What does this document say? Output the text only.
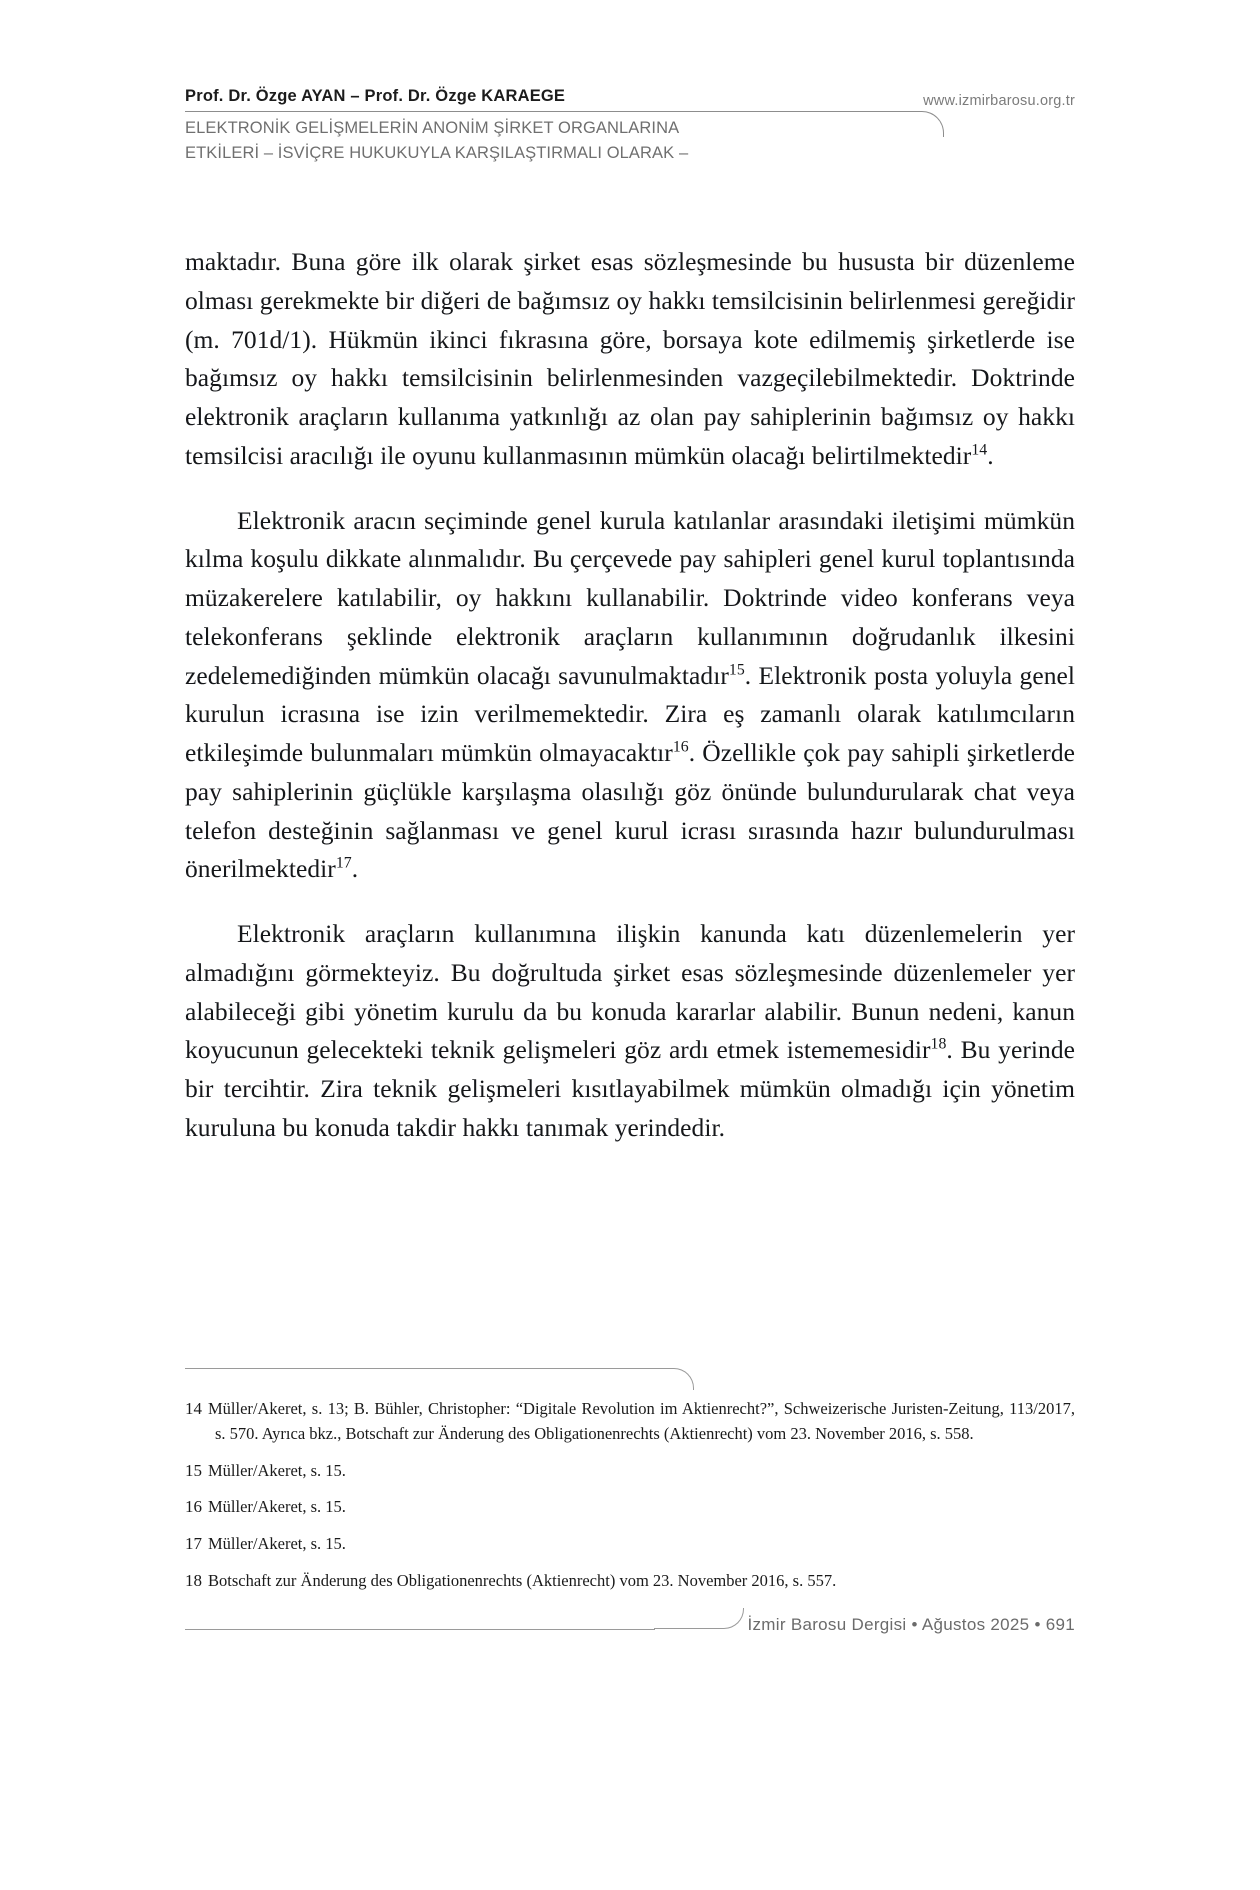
Prof. Dr. Özge AYAN – Prof. Dr. Özge KARAEGE
ELEKTRONİK GELİŞMELERİN ANONİM ŞİRKET ORGANLARINA
ETKİLERİ – İSVİÇRE HUKUKUYLA KARŞILAŞTIRMALI OLARAK –
www.izmirbarosu.org.tr

maktadır. Buna göre ilk olarak şirket esas sözleşmesinde bu hususta bir düzenleme olması gerekmekte bir diğeri de bağımsız oy hakkı temsilcisinin belirlenmesi gereğidir (m. 701d/1). Hükmün ikinci fıkrasına göre, borsaya kote edilmemiş şirketlerde ise bağımsız oy hakkı temsilcisinin belirlenmesinden vazgeçilebilmektedir. Doktrinde elektronik araçların kullanıma yatkınlığı az olan pay sahiplerinin bağımsız oy hakkı temsilcisi aracılığı ile oyunu kullanmasının mümkün olacağı belirtilmektedir$^{14}$.

Elektronik aracın seçiminde genel kurula katılanlar arasındaki iletişimi mümkün kılma koşulu dikkate alınmalıdır. Bu çerçevede pay sahipleri genel kurul toplantısında müzakerelere katılabilir, oy hakkını kullanabilir. Doktrinde video konferans veya telekonferans şeklinde elektronik araçların kullanımının doğrudanlık ilkesini zedelemediğinden mümkün olacağı savunulmaktadır$^{15}$. Elektronik posta yoluyla genel kurulun icrasına ise izin verilmemektedir. Zira eş zamanlı olarak katılımcıların etkileşimde bulunmaları mümkün olmayacaktır$^{16}$. Özellikle çok pay sahipli şirketlerde pay sahiplerinin güçlükle karşılaşma olasılığı göz önünde bulundurularak chat veya telefon desteğinin sağlanması ve genel kurul icrası sırasında hazır bulundurulması önerilmektedir$^{17}$.

Elektronik araçların kullanımına ilişkin kanunda katı düzenlemelerin yer almadığını görmekteyiz. Bu doğrultuda şirket esas sözleşmesinde düzenlemeler yer alabileceği gibi yönetim kurulu da bu konuda kararlar alabilir. Bunun nedeni, kanun koyucunun gelecekteki teknik gelişmeleri göz ardı etmek istememesidir$^{18}$. Bu yerinde bir tercihtir. Zira teknik gelişmeleri kısıtlayabilmek mümkün olmadığı için yönetim kuruluna bu konuda takdir hakkı tanımak yerindedir.

14 Müller/Akeret, s. 13; B. Bühler, Christopher: “Digitale Revolution im Aktienrecht?”, Schweizerische Juristen-Zeitung, 113/2017, s. 570. Ayrıca bkz., Botschaft zur Änderung des Obligationenrechts (Aktienrecht) vom 23. November 2016, s. 558.
15 Müller/Akeret, s. 15.
16 Müller/Akeret, s. 15.
17 Müller/Akeret, s. 15.
18 Botschaft zur Änderung des Obligationenrechts (Aktienrecht) vom 23. November 2016, s. 557.
İzmir Barosu Dergisi • Ağustos 2025 • 691
